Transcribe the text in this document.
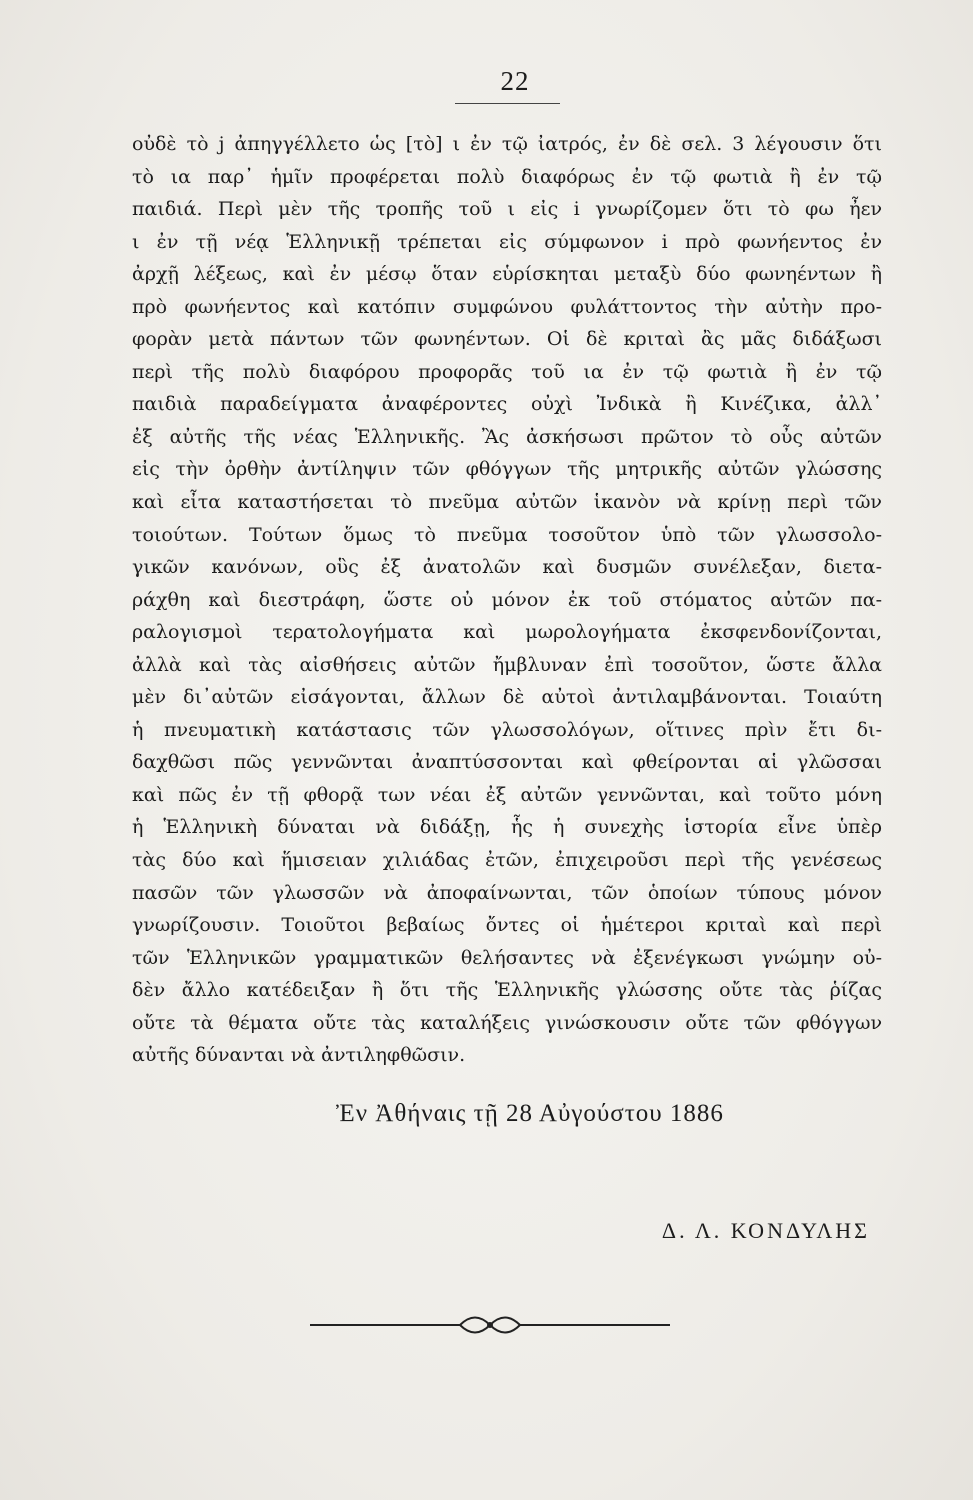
22
οὐδὲ τὸ j ἀπηγγέλλετο ὡς [τὸ] ι ἐν τῷ ἰατρός, ἐν δὲ σελ. 3 λέγουσιν ὅτι
τὸ ια παρ᾽ ἡμῖν προφέρεται πολὺ διαφόρως ἐν τῷ φωτιὰ ἢ ἐν τῷ
παιδιά. Περὶ μὲν τῆς τροπῆς τοῦ ι εἰς i γνωρίζομεν ὅτι τὸ φω ἦεν
ι ἐν τῇ νέᾳ Ἑλληνικῇ τρέπεται εἰς σύμφωνον i πρὸ φωνήεντος ἐν
ἀρχῇ λέξεως, καὶ ἐν μέσῳ ὅταν εὑρίσκηται μεταξὺ δύο φωνηέντων ἢ
πρὸ φωνήεντος καὶ κατόπιν συμφώνου φυλάττοντος τὴν αὐτὴν προ-
φορὰν μετὰ πάντων τῶν φωνηέντων. Οἱ δὲ κριταὶ ἂς μᾶς διδάξωσι
περὶ τῆς πολὺ διαφόρου προφορᾶς τοῦ ια ἐν τῷ φωτιὰ ἢ ἐν τῷ
παιδιὰ παραδείγματα ἀναφέροντες οὐχὶ Ἰνδικὰ ἢ Κινέζικα, ἀλλ᾽
ἐξ αὐτῆς τῆς νέας Ἑλληνικῆς. Ἂς ἀσκήσωσι πρῶτον τὸ οὖς αὐτῶν
εἰς τὴν ὀρθὴν ἀντίληψιν τῶν φθόγγων τῆς μητρικῆς αὐτῶν γλώσσης
καὶ εἶτα καταστήσεται τὸ πνεῦμα αὐτῶν ἱκανὸν νὰ κρίνῃ περὶ τῶν
τοιούτων. Τούτων ὅμως τὸ πνεῦμα τοσοῦτον ὑπὸ τῶν γλωσσολο-
γικῶν κανόνων, οὓς ἐξ ἀνατολῶν καὶ δυσμῶν συνέλεξαν, διετα-
ράχθη καὶ διεστράφη, ὥστε οὐ μόνον ἐκ τοῦ στόματος αὐτῶν πα-
ραλογισμοὶ τερατολογήματα καὶ μωρολογήματα ἐκσφενδονίζονται,
ἀλλὰ καὶ τὰς αἰσθήσεις αὐτῶν ἤμβλυναν ἐπὶ τοσοῦτον, ὥστε ἄλλα
μὲν δι᾽αὐτῶν εἰσάγονται, ἄλλων δὲ αὐτοὶ ἀντιλαμβάνονται. Τοιαύτη
ἡ πνευματικὴ κατάστασις τῶν γλωσσολόγων, οἵτινες πρὶν ἔτι δι-
δαχθῶσι πῶς γεννῶνται ἀναπτύσσονται καὶ φθείρονται αἱ γλῶσσαι
καὶ πῶς ἐν τῇ φθορᾷ των νέαι ἐξ αὐτῶν γεννῶνται, καὶ τοῦτο μόνη
ἡ Ἑλληνικὴ δύναται νὰ διδάξῃ, ἧς ἡ συνεχὴς ἱστορία εἶνε ὑπὲρ
τὰς δύο καὶ ἥμισειαν χιλιάδας ἐτῶν, ἐπιχειροῦσι περὶ τῆς γενέσεως
πασῶν τῶν γλωσσῶν νὰ ἀποφαίνωνται, τῶν ὁποίων τύπους μόνον
γνωρίζουσιν. Τοιοῦτοι βεβαίως ὄντες οἱ ἡμέτεροι κριταὶ καὶ περὶ
τῶν Ἑλληνικῶν γραμματικῶν θελήσαντες νὰ ἐξενέγκωσι γνώμην οὐ-
δὲν ἄλλο κατέδειξαν ἢ ὅτι τῆς Ἑλληνικῆς γλώσσης οὔτε τὰς ῥίζας
οὔτε τὰ θέματα οὔτε τὰς καταλήξεις γινώσκουσιν οὔτε τῶν φθόγγων
αὐτῆς δύνανται νὰ ἀντιληφθῶσιν.
Ἐν Ἀθήναις τῇ 28 Αὐγούστου 1886
Δ. Λ. ΚΟΝΔΥΛΗΣ
